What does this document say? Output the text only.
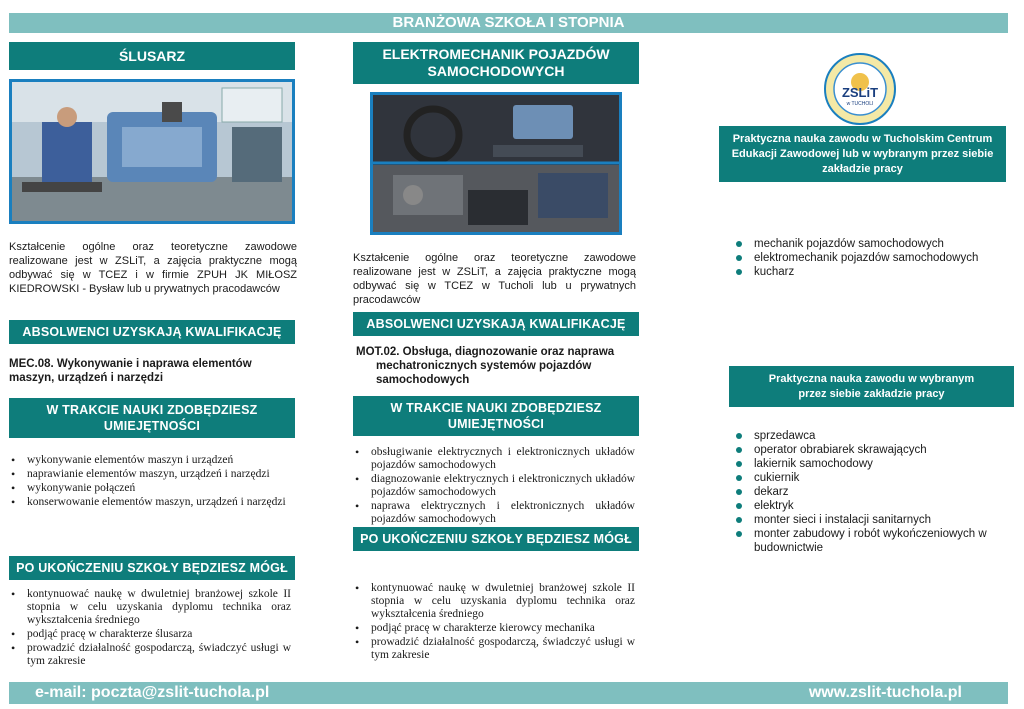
BRANŻOWA SZKOŁA I STOPNIA
e-mail: poczta@zslit-tuchola.pl	www.zslit-tuchola.pl
ŚLUSARZ
Kształcenie ogólne oraz teoretyczne zawodowe realizowane jest w ZSLiT, a zajęcia praktyczne mogą odbywać się w TCEZ i w firmie ZPUH JK MIŁOSZ KIEDROWSKI - Bysław lub u prywatnych pracodawców
ABSOLWENCI UZYSKAJĄ KWALIFIKACJĘ
MEC.08. Wykonywanie i naprawa elementów maszyn, urządzeń i narzędzi
W TRAKCIE NAUKI ZDOBĘDZIESZ UMIEJĘTNOŚCI
• wykonywanie elementów maszyn i urządzeń
• naprawianie elementów maszyn, urządzeń i narzędzi
• wykonywanie połączeń
• konserwowanie elementów maszyn, urządzeń i narzędzi
PO UKOŃCZENIU SZKOŁY BĘDZIESZ MÓGŁ
• kontynuować naukę w dwuletniej branżowej szkole II stopnia w celu uzyskania dyplomu technika oraz wykształcenia średniego
• podjąć pracę w charakterze ślusarza
• prowadzić działalność gospodarczą, świadczyć usługi w tym zakresie
ELEKTROMECHANIK POJAZDÓW SAMOCHODOWYCH
Kształcenie ogólne oraz teoretyczne zawodowe realizowane jest w ZSLiT, a zajęcia praktyczne mogą odbywać się w TCEZ w Tucholi lub u prywatnych pracodawców
ABSOLWENCI UZYSKAJĄ KWALIFIKACJĘ
MOT.02. Obsługa, diagnozowanie oraz naprawa mechatronicznych systemów pojazdów samochodowych
W TRAKCIE NAUKI ZDOBĘDZIESZ UMIEJĘTNOŚCI
• obsługiwanie elektrycznych i elektronicznych układów pojazdów samochodowych
• diagnozowanie elektrycznych i elektronicznych układów pojazdów samochodowych
• naprawa elektrycznych i elektronicznych układów pojazdów samochodowych
PO UKOŃCZENIU SZKOŁY BĘDZIESZ MÓGŁ
• kontynuować naukę w dwuletniej branżowej szkole II stopnia w celu uzyskania dyplomu technika oraz wykształcenia średniego
• podjąć pracę w charakterze kierowcy mechanika
• prowadzić działalność gospodarczą, świadczyć usługi w tym zakresie
ZSLiT
w TUCHOLI
Praktyczna nauka zawodu w Tucholskim Centrum Edukacji Zawodowej lub w wybranym przez siebie zakładzie pracy
mechanik pojazdów samochodowych
elektromechanik pojazdów samochodowych
kucharz
Praktyczna nauka zawodu w wybranym przez siebie zakładzie pracy
sprzedawca
operator obrabiarek skrawających
lakiernik samochodowy
cukiernik
dekarz
elektryk
monter sieci i instalacji sanitarnych
monter zabudowy i robót wykończeniowych w budownictwie
